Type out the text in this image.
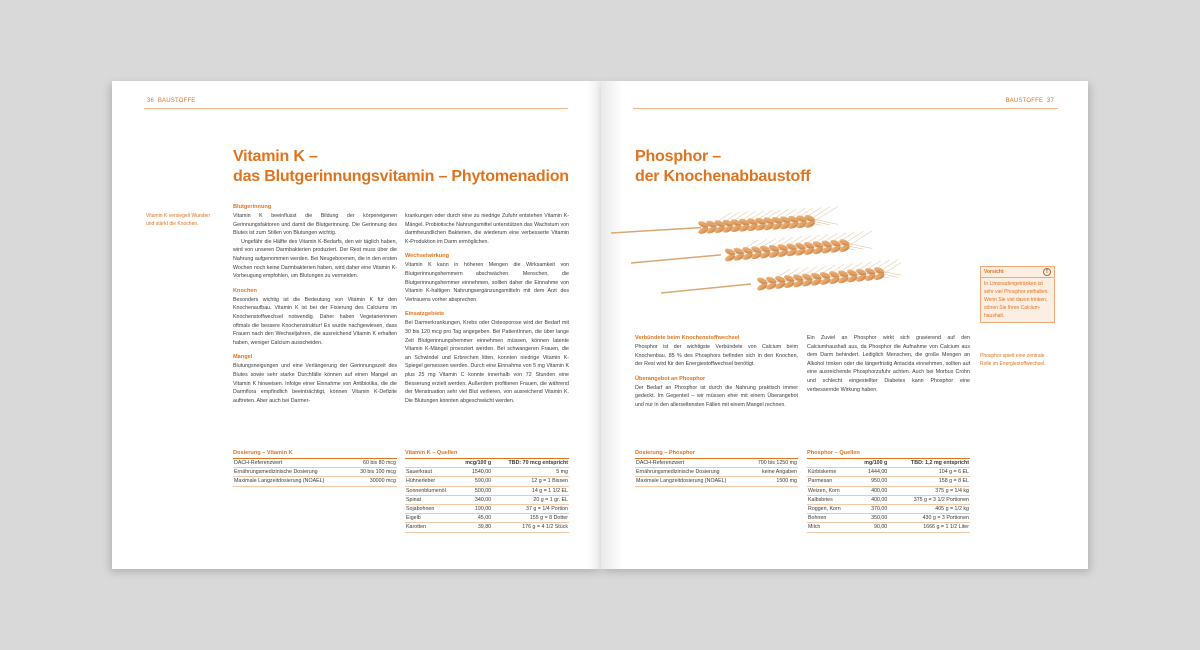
36 BAUSTOFFE
Vitamin K –
das Blutgerinnungsvitamin – Phytomenadion
Vitamin K versiegelt Wunden und stärkt die Knochen.
Blutgerinnung

Vitamin K beeinflusst die Bildung der körpereigenen Gerinnungsfaktoren und damit die Blutgerinnung. Die Gerinnung des Blutes ist zum Stillen von Blutungen wichtig.

Ungefähr die Hälfte des Vitamin K-Bedarfs, den wir täglich haben, wird von unseren Darmbakterien produziert. Der Rest muss über die Nahrung aufgenommen werden. Bei Neugeborenen, die in den ersten Wochen noch keine Darmbakterien haben, wird daher eine Vitamin K-Vorbeugung empfohlen, um Blutungen zu vermeiden.

Knochen

Besonders wichtig ist die Bedeutung von Vitamin K für den Knochenaufbau. Vitamin K ist bei der Fixierung des Calciums im Knochenstoffwechsel notwendig. Daher haben Vegetarierinnen oftmals die bessere Knochenstruktur! Es wurde nachgewiesen, dass Frauen nach den Wechseljahren, die ausreichend Vitamin K erhalten haben, weniger Calcium ausscheiden.

Mangel

Blutungsneigungen und eine Verlängerung der Gerinnungszeit des Blutes sowie sehr starke Durchfälle können auf einen Mangel an Vitamin K hinweisen. Infolge einer Einnahme von Antibiotika, die die Darmflora empfindlich beeinträchtigt, können Vitamin K-Defizite auftreten. Aber auch bei Darmer-

krankungen oder durch eine zu niedrige Zufuhr entstehen Vitamin K-Mängel. Probiotische Nahrungsmittel unterstützen das Wachstum von darmfreundlichen Bakterien, die wiederum eine verbesserte Vitamin K-Produktion im Darm ermöglichen.

Wechselwirkung

Vitamin K kann in höheren Mengen die Wirksamkeit von Blutgerinnungshemmern abschwächen. Menschen, die Blutgerinnungshemmer einnehmen, sollten daher die Einnahme von Vitamin K-haltigen Nahrungsergänzungsmitteln mit dem Arzt des Vertrauens vorher absprechen.

Einsatzgebiete

Bei Darmerkrankungen, Krebs oder Osteoporose wird der Bedarf mit 30 bis 120 mcg pro Tag angegeben. Bei PatientInnen, die über lange Zeit Blutgerinnungshemmer einnehmen müssen, können latente Vitamin K-Mängel provoziert werden. Bei schwangeren Frauen, die an Schwindel und Erbrechen litten, konnten niedrige Vitamin K-Spiegel gemessen werden. Durch eine Einnahme von 5 mg Vitamin K plus 25 mg Vitamin C konnte innerhalb von 72 Stunden eine Besserung erzielt werden. Außerdem profitieren Frauen, die während der Menstruation sehr viel Blut verlieren, von ausreichend Vitamin K. Die Blutungen konnten abgeschwächt werden.

Dosierung – Vitamin K
DACH-Referenzwert	60 bis 80 mcg
Ernährungsmedizinische Dosierung	30 bis 100 mcg
Maximale Langzeitdosierung (NOAEL)	30000 mcg
Vitamin K – Quellen
	mcg/100 g	TBD: 70 mcg entspricht
Sauerkraut	1540,00	5 mg
Hühnerleber	590,00	12 g = 1 Bissen
Sonnenblumenöl	500,00	14 g = 1 1/2 EL
Spinat	340,00	20 g = 1 gr. EL
Sojabohnen	190,00	37 g = 1/4 Portion
Eigelb	45,00	155 g = 8 Dotter
Karotten	39,80	176 g = 4 1/2 Stück
BAUSTOFFE 37
Phosphor –
der Knochenabbaustoff
Vorsicht	!
In Limonadengetränken ist sehr viel Phosphor enthalten. Wenn Sie viel davon trinken, stören Sie Ihren Calcium-haushalt.
Phosphor spielt eine zentrale Rolle im Energiestoffwechsel.
Verbündete beim Knochenstoffwechsel

Phosphor ist der wichtigste Verbündete von Calcium beim Knochenbau. 85 % des Phosphors befinden sich in den Knochen, der Rest wird für den Energiestoffwechsel benötigt.

Überangebot an Phosphor

Der Bedarf an Phosphor ist durch die Nahrung praktisch immer gedeckt. Im Gegenteil – wir müssen eher mit einem Überangebot und nur in den allerseltensten Fällen mit einem Mangel rechnen.

Ein Zuviel an Phosphor wirkt sich gravierend auf den Calciumhaushalt aus, da Phosphor die Aufnahme von Calcium aus dem Darm behindert. Lediglich Menschen, die große Mengen an Alkohol trinken oder die längerfristig Antacida einnehmen, sollten auf eine ausreichende Phosphorzufuhr achten. Auch bei Morbus Crohn und schlecht eingestellter Diabetes kann Phosphor eine verbessernde Wirkung haben.

Dosierung – Phosphor
DACH-Referenzwert	700 bis 1250 mg
Ernährungsmedizinische Dosierung	keine Angaben
Maximale Langzeitdosierung (NOAEL)	1500 mg
Phosphor – Quellen
	mg/100 g	TBD: 1,2 mg entspricht
Kürbiskerne	1444,00	104 g = 6 EL
Parmesan	950,00	158 g = 8 EL
Weizen, Korn	400,00	375 g = 1/4 kg
Kalbsbries	400,00	375 g = 3 1/2 Portionen
Roggen, Korn	370,00	405 g = 1/2 kg
Bohnen	350,00	430 g = 3 Portionen
Milch	90,00	1666 g = 1 1/2 Liter
